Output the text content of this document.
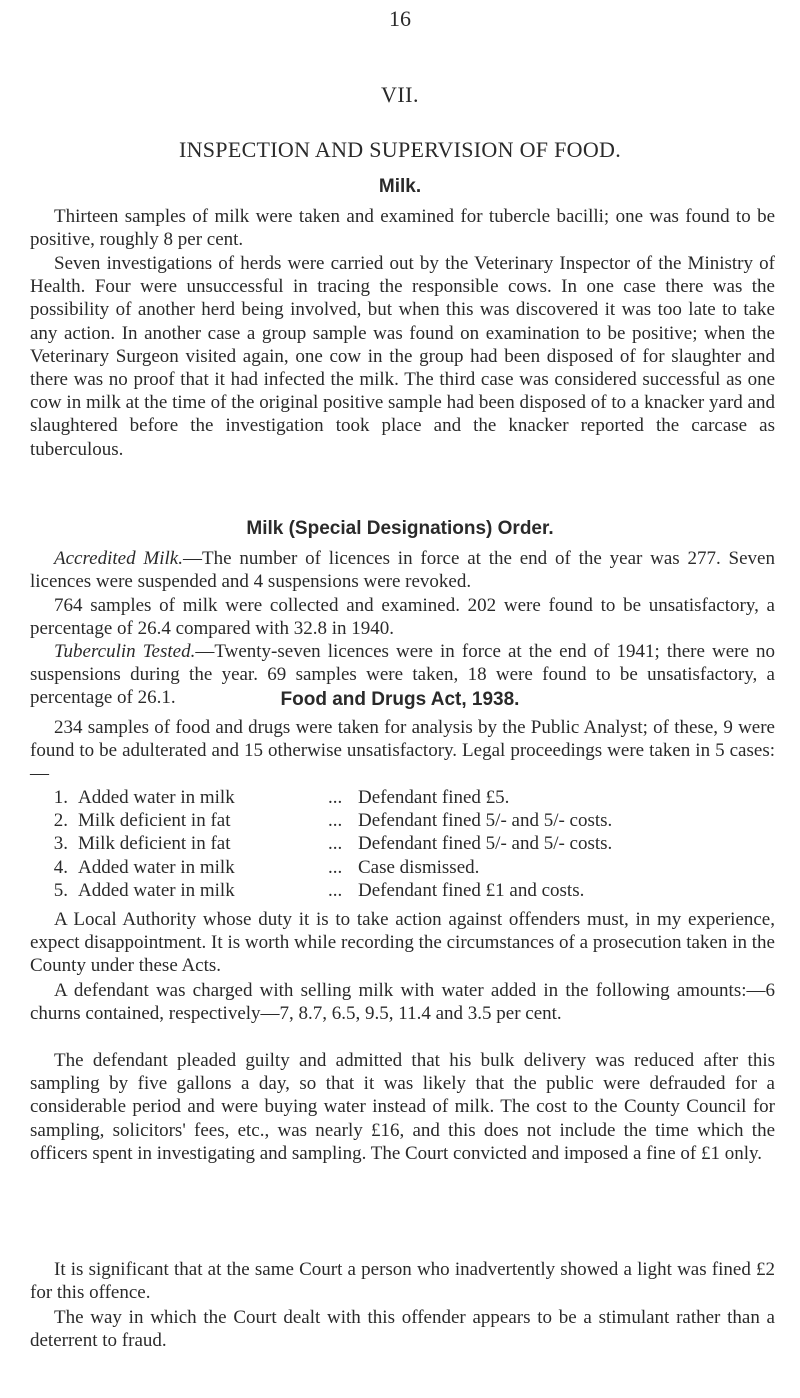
16
VII.
INSPECTION AND SUPERVISION OF FOOD.
Milk.

Thirteen samples of milk were taken and examined for tubercle bacilli; one was found to be positive, roughly 8 per cent.

Seven investigations of herds were carried out by the Veterinary Inspector of the Ministry of Health. Four were unsuccessful in tracing the responsible cows. In one case there was the possibility of another herd being involved, but when this was discovered it was too late to take any action. In another case a group sample was found on examination to be positive; when the Veterinary Surgeon visited again, one cow in the group had been disposed of for slaughter and there was no proof that it had infected the milk. The third case was considered successful as one cow in milk at the time of the original positive sample had been disposed of to a knacker yard and slaughtered before the investigation took place and the knacker reported the carcase as tuberculous.

Milk (Special Designations) Order.

Accredited Milk.—The number of licences in force at the end of the year was 277. Seven licences were suspended and 4 suspensions were revoked.

764 samples of milk were collected and examined. 202 were found to be unsatisfactory, a percentage of 26.4 compared with 32.8 in 1940.

Tuberculin Tested.—Twenty-seven licences were in force at the end of 1941; there were no suspensions during the year. 69 samples were taken, 18 were found to be unsatisfactory, a percentage of 26.1.	Food and Drugs Act, 1938.

234 samples of food and drugs were taken for analysis by the Public Analyst; of these, 9 were found to be adulterated and 15 otherwise unsatisfactory. Legal proceedings were taken in 5 cases:—

1. Added water in milk	... Defendant fined £5.
2. Milk deficient in fat	... Defendant fined 5/- and 5/- costs.
3. Milk deficient in fat	... Defendant fined 5/- and 5/- costs.
4. Added water in milk	... Case dismissed.
5. Added water in milk	... Defendant fined £1 and costs.

A Local Authority whose duty it is to take action against offenders must, in my experience, expect disappointment. It is worth while recording the circumstances of a prosecution taken in the County under these Acts.

A defendant was charged with selling milk with water added in the following amounts:—6 churns contained, respectively—7, 8.7, 6.5, 9.5, 11.4 and 3.5 per cent.

The defendant pleaded guilty and admitted that his bulk delivery was reduced after this sampling by five gallons a day, so that it was likely that the public were defrauded for a considerable period and were buying water instead of milk. The cost to the County Council for sampling, solicitors' fees, etc., was nearly £16, and this does not include the time which the officers spent in investigating and sampling. The Court convicted and imposed a fine of £1 only.

It is significant that at the same Court a person who inadvertently showed a light was fined £2 for this offence.

The way in which the Court dealt with this offender appears to be a stimulant rather than a deterrent to fraud.
